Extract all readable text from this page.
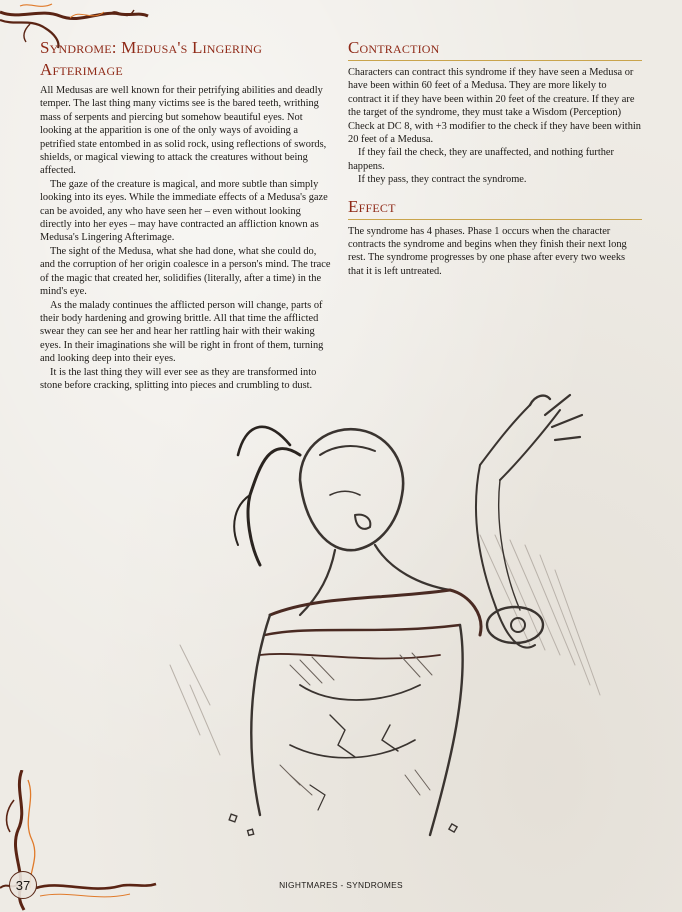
Syndrome: Medusa's Lingering
Afterimage

All Medusas are well known for their petrifying abilities and deadly temper. The last thing many victims see is the bared teeth, writhing mass of serpents and piercing but somehow beautiful eyes. Not looking at the apparition is one of the only ways of avoiding a petrified state entombed in as solid rock, using reflections of swords, shields, or magical viewing to attack the creatures without being affected.

The gaze of the creature is magical, and more subtle than simply looking into its eyes. While the immediate effects of a Medusa's gaze can be avoided, any who have seen her – even without looking directly into her eyes – may have contracted an affliction known as Medusa's Lingering Afterimage.

The sight of the Medusa, what she had done, what she could do, and the corruption of her origin coalesce in a person's mind. The trace of the magic that created her, solidifies (literally, after a time) in the mind's eye.

As the malady continues the afflicted person will change, parts of their body hardening and growing brittle. All that time the afflicted swear they can see her and hear her rattling hair with their waking eyes. In their imaginations she will be right in front of them, turning and looking deep into their eyes.

It is the last thing they will ever see as they are transformed into stone before cracking, splitting into pieces and crumbling to dust.

Contraction

Characters can contract this syndrome if they have seen a Medusa or have been within 60 feet of a Medusa. They are more likely to contract it if they have been within 20 feet of the creature. If they are the target of the syndrome, they must take a Wisdom (Perception) Check at DC 8, with +3 modifier to the check if they have been within 20 feet of a Medusa.

If they fail the check, they are unaffected, and nothing further happens.

If they pass, they contract the syndrome.

Effect

The syndrome has 4 phases. Phase 1 occurs when the character contracts the syndrome and begins when they finish their next long rest. The syndrome progresses by one phase after every two weeks that it is left untreated.

37	NIGHTMARES - SYNDROMES
